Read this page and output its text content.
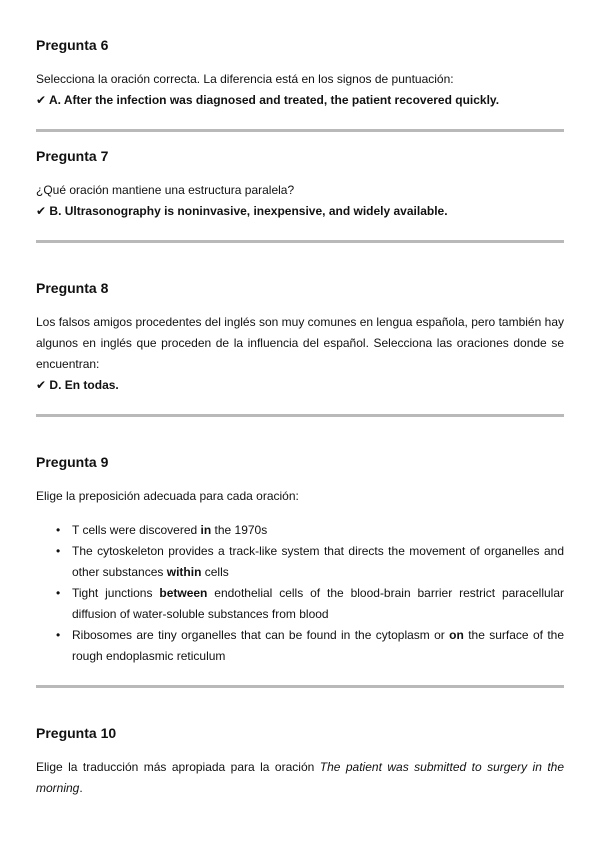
Pregunta 6

Selecciona la oración correcta. La diferencia está en los signos de puntuación:

✔ A. After the infection was diagnosed and treated, the patient recovered quickly.

Pregunta 7

¿Qué oración mantiene una estructura paralela?

✔ B. Ultrasonography is noninvasive, inexpensive, and widely available.

Pregunta 8

Los falsos amigos procedentes del inglés son muy comunes en lengua española, pero también hay algunos en inglés que proceden de la influencia del español. Selecciona las oraciones donde se encuentran:

✔ D. En todas.

Pregunta 9

Elige la preposición adecuada para cada oración:

• T cells were discovered in the 1970s
• The cytoskeleton provides a track-like system that directs the movement of organelles and other substances within cells
• Tight junctions between endothelial cells of the blood-brain barrier restrict paracellular diffusion of water-soluble substances from blood
• Ribosomes are tiny organelles that can be found in the cytoplasm or on the surface of the rough endoplasmic reticulum

Pregunta 10

Elige la traducción más apropiada para la oración The patient was submitted to surgery in the morning.
